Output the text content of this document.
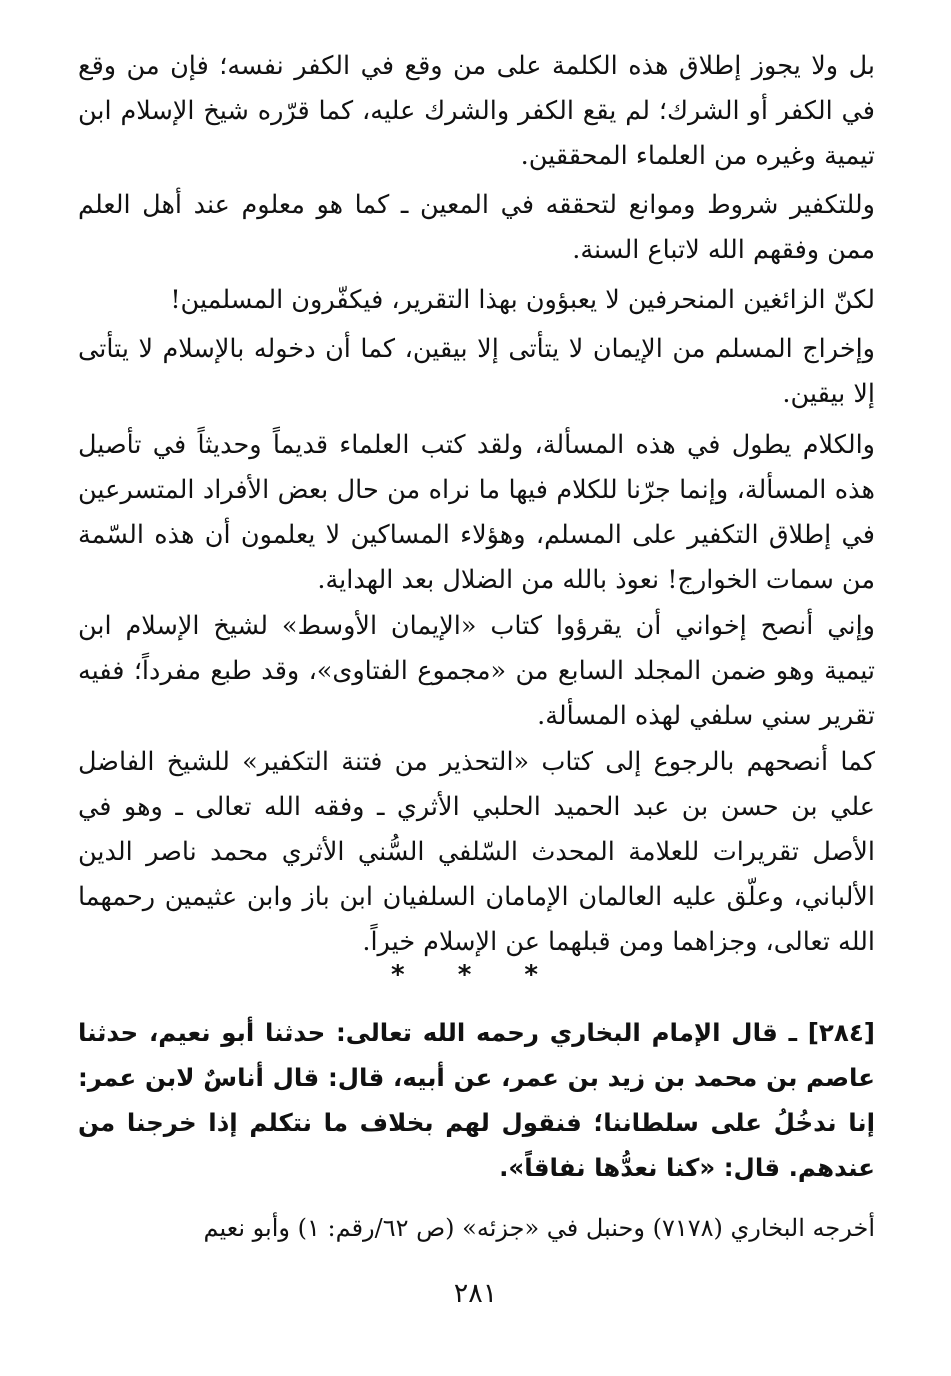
بل ولا يجوز إطلاق هذه الكلمة على من وقع في الكفر نفسه؛ فإن من وقع في الكفر أو الشرك؛ لم يقع الكفر والشرك عليه، كما قرّره شيخ الإسلام ابن تيمية وغيره من العلماء المحققين.

وللتكفير شروط وموانع لتحققه في المعين ـ كما هو معلوم عند أهل العلم ممن وفقهم الله لاتباع السنة.

لكنّ الزائغين المنحرفين لا يعبؤون بهذا التقرير، فيكفّرون المسلمين!

وإخراج المسلم من الإيمان لا يتأتى إلا بيقين، كما أن دخوله بالإسلام لا يتأتى إلا بيقين.

والكلام يطول في هذه المسألة، ولقد كتب العلماء قديماً وحديثاً في تأصيل هذه المسألة، وإنما جرّنا للكلام فيها ما نراه من حال بعض الأفراد المتسرعين في إطلاق التكفير على المسلم، وهؤلاء المساكين لا يعلمون أن هذه السّمة من سمات الخوارج! نعوذ بالله من الضلال بعد الهداية.

وإني أنصح إخواني أن يقرؤوا كتاب «الإيمان الأوسط» لشيخ الإسلام ابن تيمية وهو ضمن المجلد السابع من «مجموع الفتاوى»، وقد طبع مفرداً؛ ففيه تقرير سني سلفي لهذه المسألة.

كما أنصحهم بالرجوع إلى كتاب «التحذير من فتنة التكفير» للشيخ الفاضل علي بن حسن بن عبد الحميد الحلبي الأثري ـ وفقه الله تعالى ـ وهو في الأصل تقريرات للعلامة المحدث السّلفي السُّني الأثري محمد ناصر الدين الألباني، وعلّق عليه العالمان الإمامان السلفيان ابن باز وابن عثيمين رحمهما الله تعالى، وجزاهما ومن قبلهما عن الإسلام خيراً.

* * *
[٢٨٤] ـ قال الإمام البخاري رحمه الله تعالى: حدثنا أبو نعيم، حدثنا عاصم بن محمد بن زيد بن عمر، عن أبيه، قال: قال أناسٌ لابن عمر: إنا ندخُلُ على سلطاننا؛ فنقول لهم بخلاف ما نتكلم إذا خرجنا من عندهم. قال: «كنا نعدُّها نفاقاً».
أخرجه البخاري (٧١٧٨) وحنبل في «جزئه» (ص ٦٢/رقم: ١) وأبو نعيم
٢٨١
